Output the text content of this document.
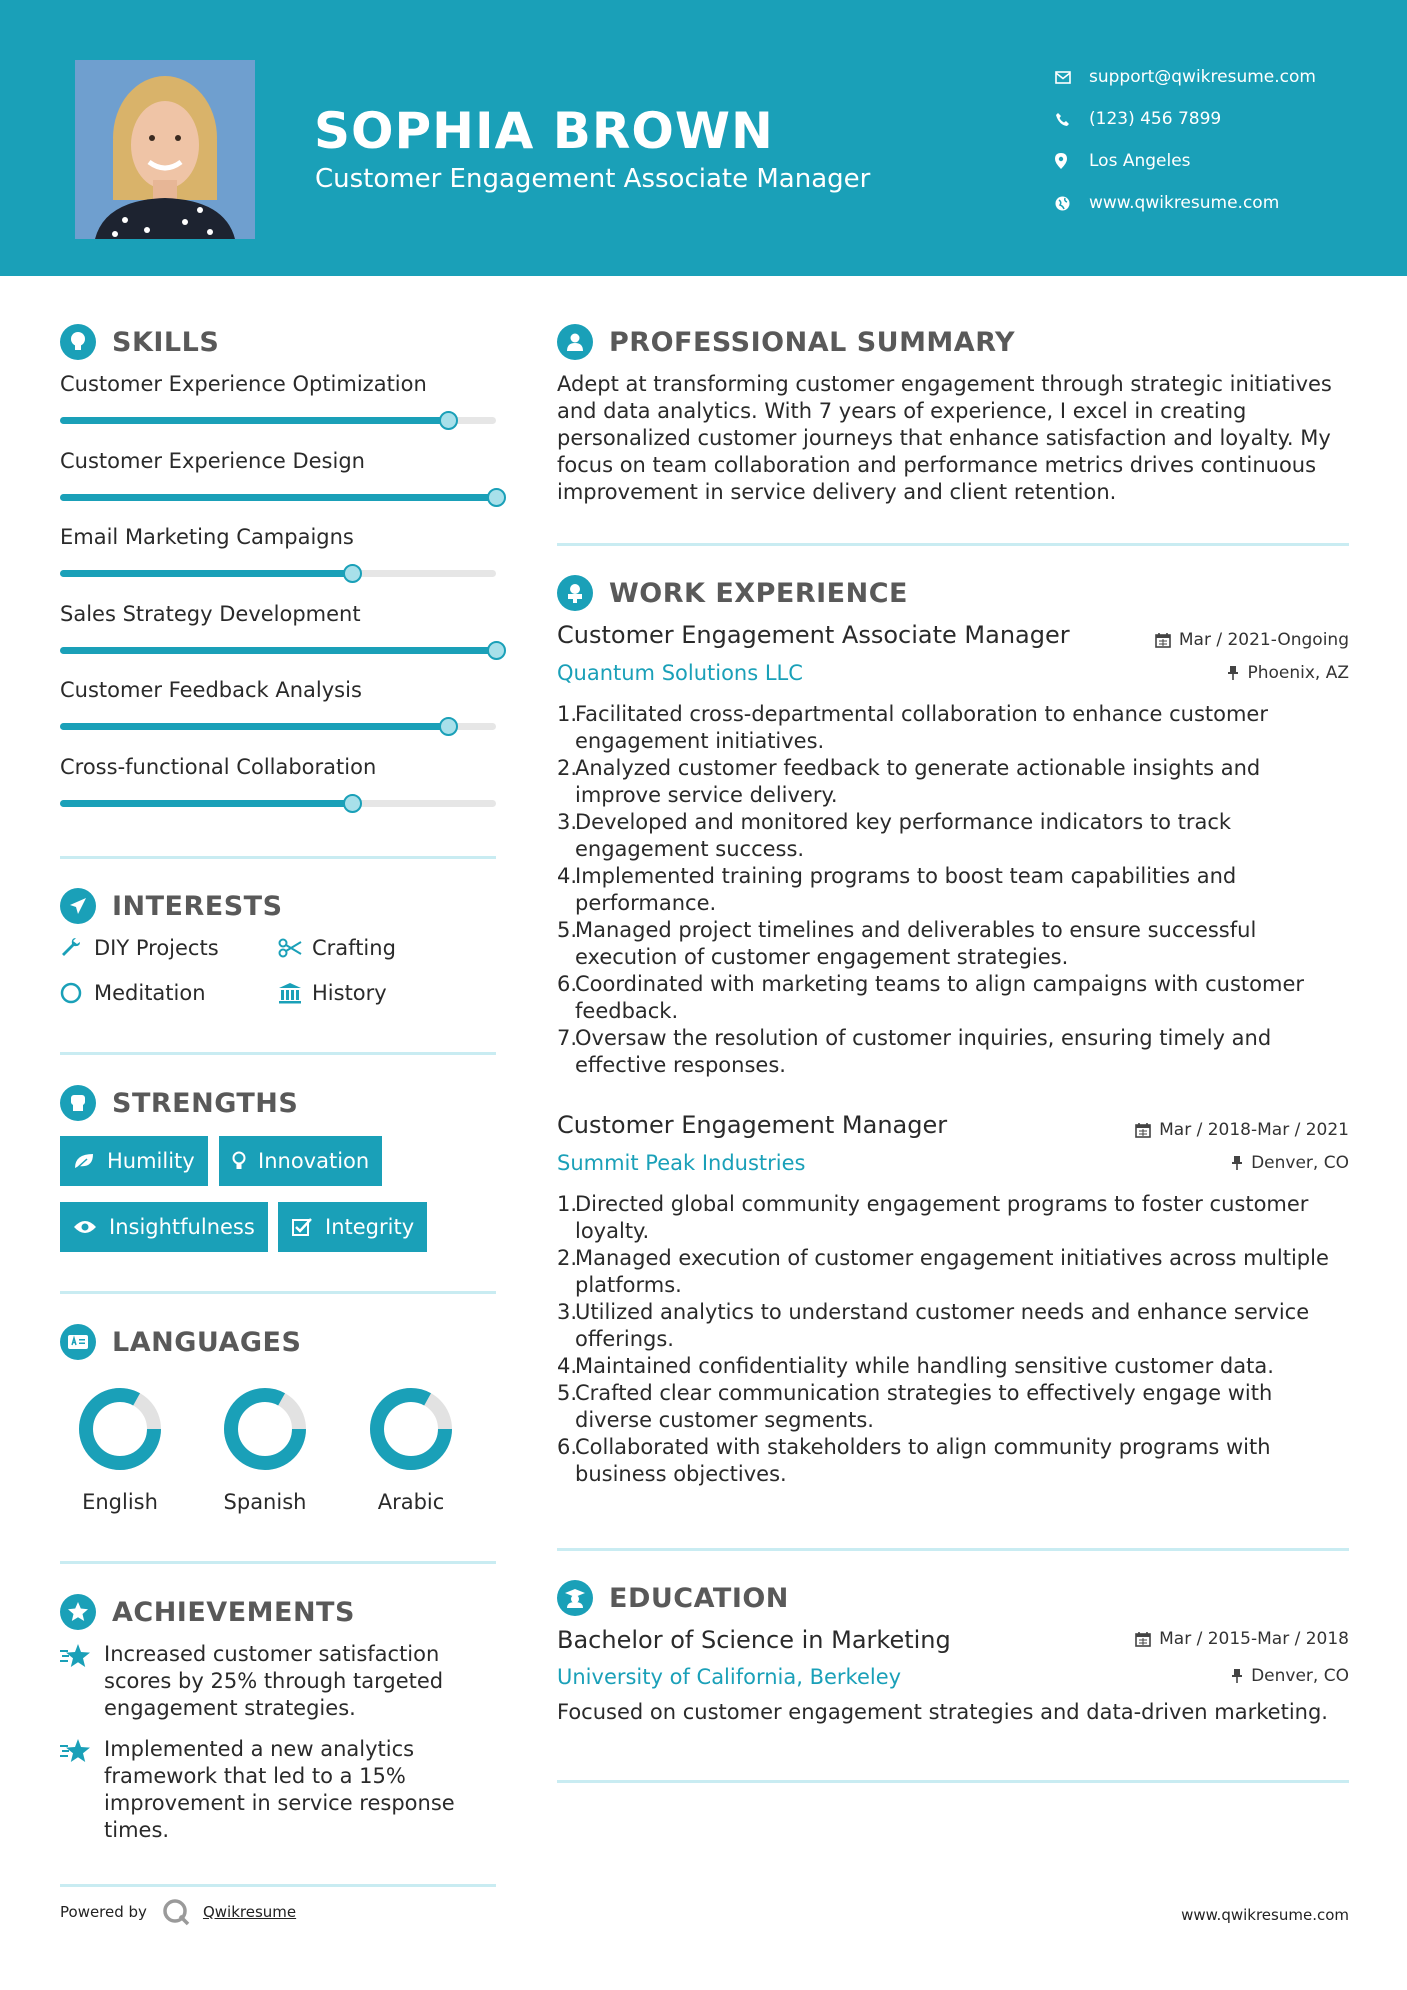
SOPHIA BROWN
Customer Engagement Associate Manager
support@qwikresume.com
(123) 456 7899
Los Angeles
www.qwikresume.com
SKILLS
Customer Experience Optimization
Customer Experience Design
Email Marketing Campaigns
Sales Strategy Development
Customer Feedback Analysis
Cross-functional Collaboration
INTERESTS
DIY Projects	Crafting
Meditation	History
STRENGTHS
Humility	Innovation
Insightfulness	Integrity
LANGUAGES
English	Spanish	Arabic
ACHIEVEMENTS
Increased customer satisfaction scores by 25% through targeted engagement strategies.
Implemented a new analytics framework that led to a 15% improvement in service response times.
PROFESSIONAL SUMMARY
Adept at transforming customer engagement through strategic initiatives and data analytics. With 7 years of experience, I excel in creating personalized customer journeys that enhance satisfaction and loyalty. My focus on team collaboration and performance metrics drives continuous improvement in service delivery and client retention.
WORK EXPERIENCE
Customer Engagement Associate Manager
Quantum Solutions LLC
Mar / 2021-Ongoing
Phoenix, AZ
1.
Facilitated cross-departmental collaboration to enhance customer engagement initiatives.
2.
Analyzed customer feedback to generate actionable insights and improve service delivery.
3.
Developed and monitored key performance indicators to track engagement success.
4.
Implemented training programs to boost team capabilities and performance.
5.
Managed project timelines and deliverables to ensure successful execution of customer engagement strategies.
6.
Coordinated with marketing teams to align campaigns with customer feedback.
7.
Oversaw the resolution of customer inquiries, ensuring timely and effective responses.
Customer Engagement Manager
Summit Peak Industries
Mar / 2018-Mar / 2021
Denver, CO
1.
Directed global community engagement programs to foster customer loyalty.
2.
Managed execution of customer engagement initiatives across multiple platforms.
3.
Utilized analytics to understand customer needs and enhance service offerings.
4.
Maintained confidentiality while handling sensitive customer data.
5.
Crafted clear communication strategies to effectively engage with diverse customer segments.
6.
Collaborated with stakeholders to align community programs with business objectives.
EDUCATION
Bachelor of Science in Marketing
University of California, Berkeley
Mar / 2015-Mar / 2018
Denver, CO
Focused on customer engagement strategies and data-driven marketing.
Powered by	Qwikresume	www.qwikresume.com
